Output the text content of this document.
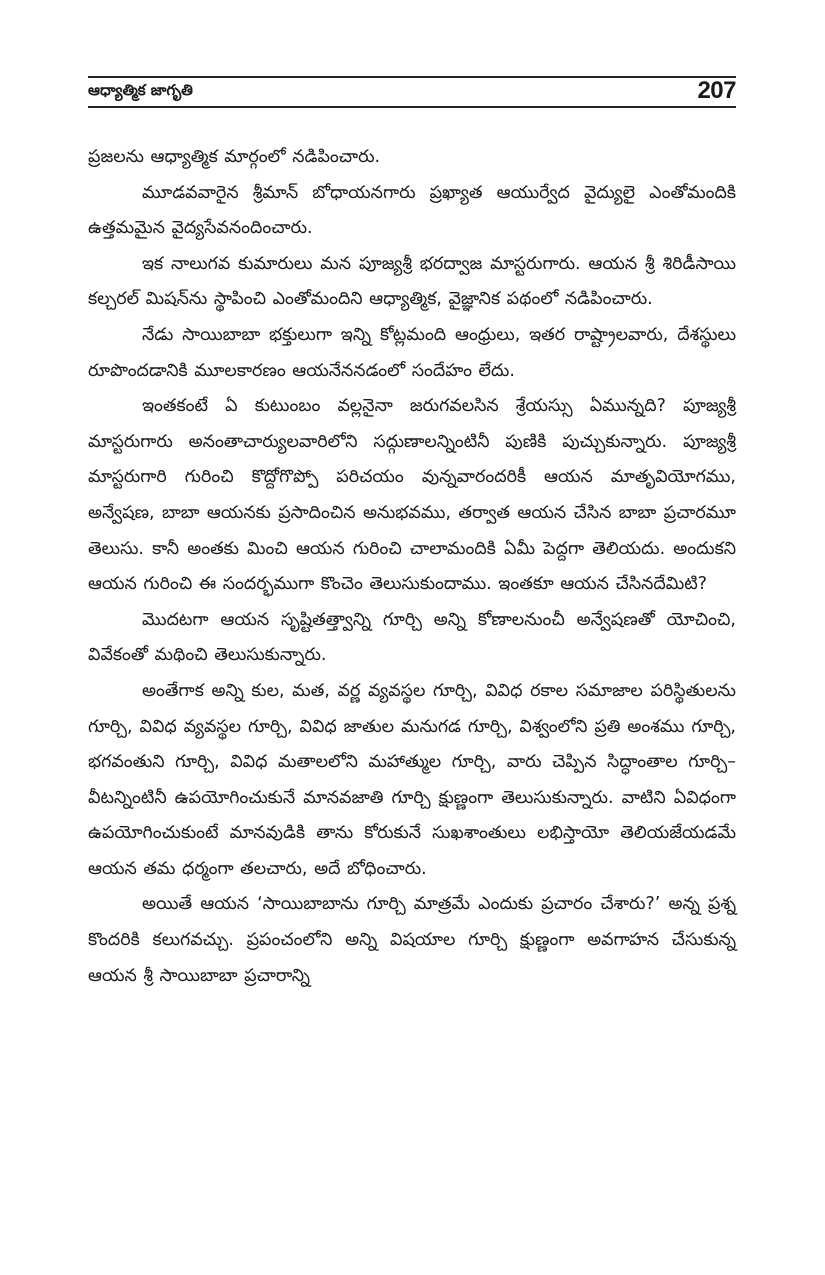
ఆధ్యాత్మిక జాగృతి	207

ప్రజలను ఆధ్యాత్మిక మార్గంలో నడిపించారు.

మూడవవారైన శ్రీమాన్ బోధాయనగారు ప్రఖ్యాత ఆయుర్వేద వైద్యులై ఎంతోమందికి ఉత్తమమైన వైద్యసేవనందించారు.

ఇక నాలుగవ కుమారులు మన పూజ్యశ్రీ భరద్వాజ మాస్టరుగారు. ఆయన శ్రీ శిరిడీసాయి కల్చరల్ మిషన్‌ను స్థాపించి ఎంతోమందిని ఆధ్యాత్మిక, వైజ్ఞానిక పథంలో నడిపించారు.

నేడు సాయిబాబా భక్తులుగా ఇన్ని కోట్లమంది ఆంధ్రులు, ఇతర రాష్ట్రాలవారు, దేశస్థులు రూపొందడానికి మూలకారణం ఆయనేననడంలో సందేహం లేదు.

ఇంతకంటే ఏ కుటుంబం వల్లనైనా జరుగవలసిన శ్రేయస్సు ఏమున్నది? పూజ్యశ్రీ మాస్టరుగారు అనంతాచార్యులవారిలోని సద్గుణాలన్నింటినీ పుణికి పుచ్చుకున్నారు. పూజ్యశ్రీ మాస్టరుగారి గురించి కొద్దోగొప్పో పరిచయం వున్నవారందరికీ ఆయన మాతృవియోగము, అన్వేషణ, బాబా ఆయనకు ప్రసాదించిన అనుభవము, తర్వాత ఆయన చేసిన బాబా ప్రచారమూ తెలుసు. కానీ అంతకు మించి ఆయన గురించి చాలామందికి ఏమీ పెద్దగా తెలియదు. అందుకని ఆయన గురించి ఈ సందర్భముగా కొంచెం తెలుసుకుందాము. ఇంతకూ ఆయన చేసినదేమిటి?

మొదటగా ఆయన సృష్టితత్త్వాన్ని గూర్చి అన్ని కోణాలనుంచీ అన్వేషణతో యోచించి, వివేకంతో మథించి తెలుసుకున్నారు.

అంతేగాక అన్ని కుల, మత, వర్ణ వ్యవస్థల గూర్చి, వివిధ రకాల సమాజాల పరిస్థితులను గూర్చి, వివిధ వ్యవస్థల గూర్చి, వివిధ జాతుల మనుగడ గూర్చి, విశ్వంలోని ప్రతి అంశము గూర్చి, భగవంతుని గూర్చి, వివిధ మతాలలోని మహాత్ముల గూర్చి, వారు చెప్పిన సిద్ధాంతాల గూర్చి– వీటన్నింటినీ ఉపయోగించుకునే మానవజాతి గూర్చి క్షుణ్ణంగా తెలుసుకున్నారు. వాటిని ఏవిధంగా ఉపయోగించుకుంటే మానవుడికి తాను కోరుకునే సుఖశాంతులు లభిస్తాయో తెలియజేయడమే ఆయన తమ ధర్మంగా తలచారు, అదే బోధించారు.

అయితే ఆయన ‘సాయిబాబాను గూర్చి మాత్రమే ఎందుకు ప్రచారం చేశారు?’ అన్న ప్రశ్న కొందరికి కలుగవచ్చు. ప్రపంచంలోని అన్ని విషయాల గూర్చి క్షుణ్ణంగా అవగాహన చేసుకున్న ఆయన శ్రీ సాయిబాబా ప్రచారాన్ని
